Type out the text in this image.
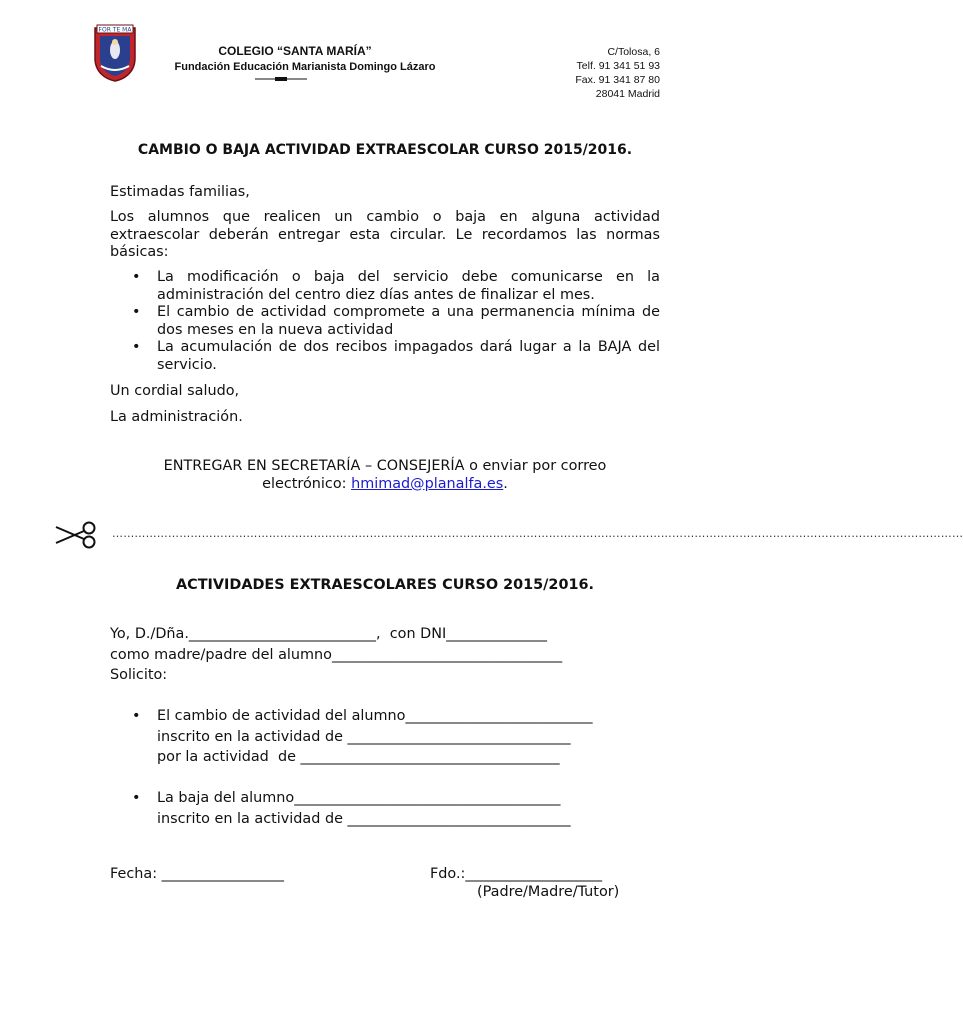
FOR TE MA
COLEGIO “SANTA MARÍA”
Fundación Educación Marianista Domingo Lázaro
C/Tolosa, 6
Telf. 91 341 51 93
Fax. 91 341 87 80
28041 Madrid
CAMBIO O BAJA ACTIVIDAD EXTRAESCOLAR CURSO 2015/2016.
Estimadas familias,
Los alumnos que realicen un cambio o baja en alguna actividad extraescolar deberán entregar esta circular. Le recordamos las normas básicas:
• La modificación o baja del servicio debe comunicarse en la administración del centro diez días antes de finalizar el mes.
• El cambio de actividad compromete a una permanencia mínima de dos meses en la nueva actividad
• La acumulación de dos recibos impagados dará lugar a la BAJA del servicio.
Un cordial saludo,
La administración.
ENTREGAR EN SECRETARÍA – CONSEJERÍA o enviar por correo
electrónico: hmimad@planalfa.es.
…………………………………………………………………………………………………………………………………………………………………………………………………………
ACTIVIDADES EXTRAESCOLARES CURSO 2015/2016.
Yo, D./Dña.__________________________,  con DNI______________
como madre/padre del alumno________________________________
Solicito:
• El cambio de actividad del alumno__________________________
inscrito en la actividad de _______________________________
por la actividad  de ____________________________________
• La baja del alumno_____________________________________
inscrito en la actividad de _______________________________
Fecha: _________________	Fdo.:___________________
(Padre/Madre/Tutor)
